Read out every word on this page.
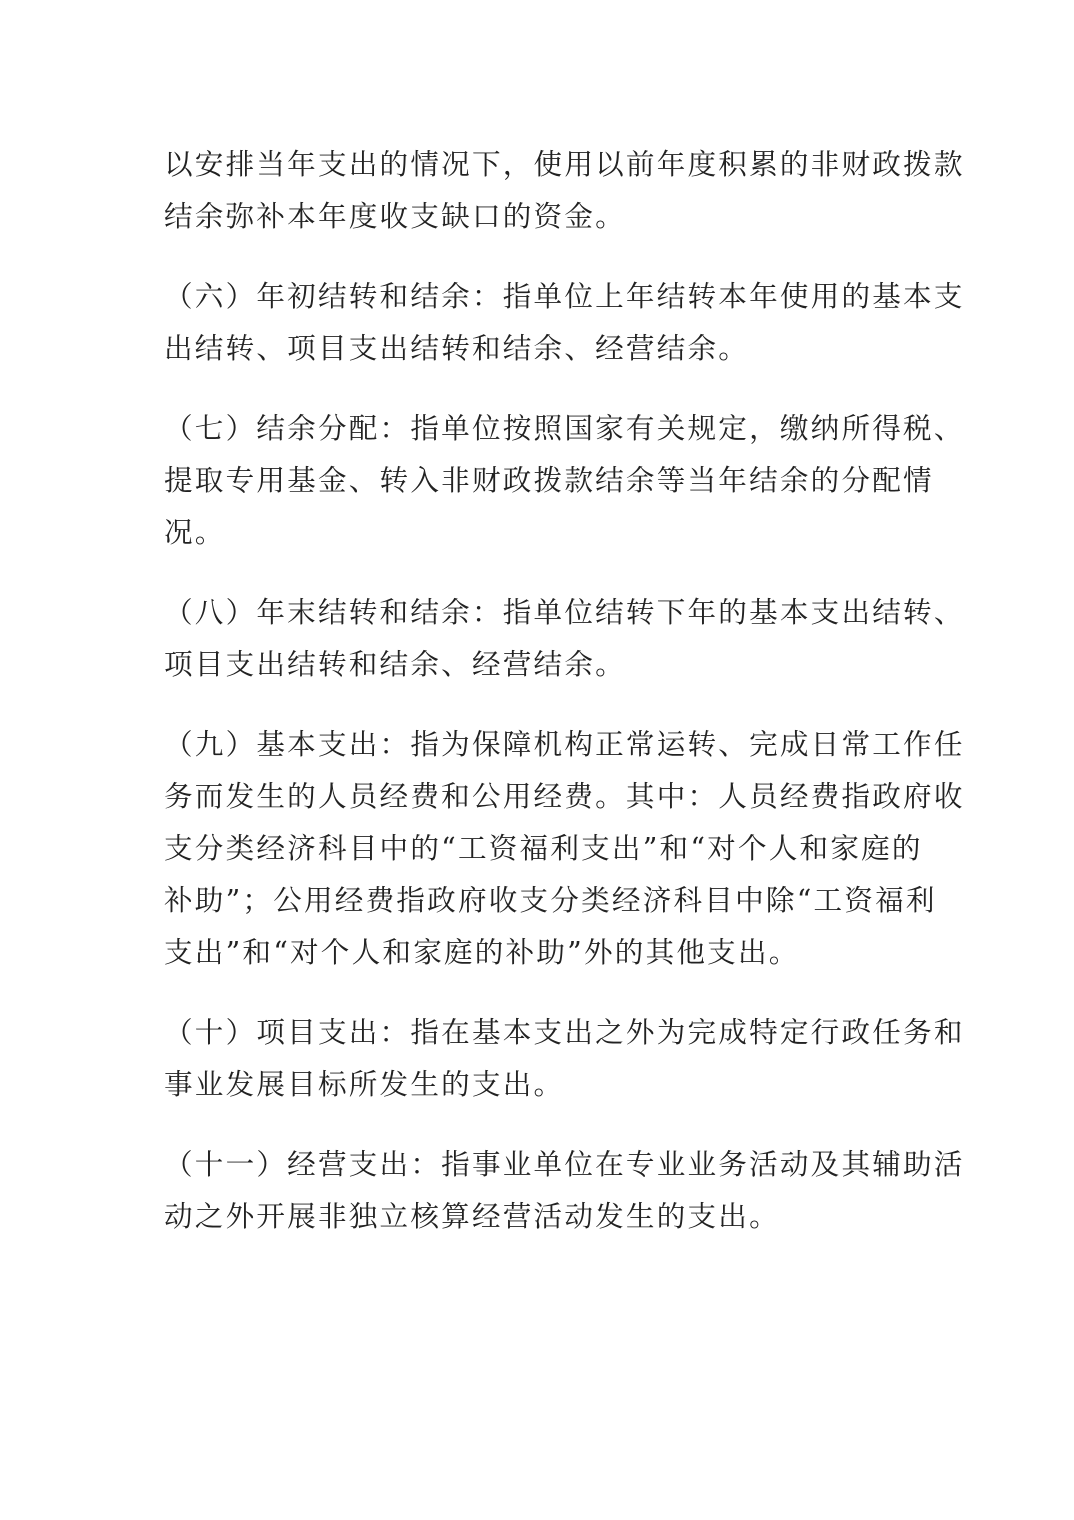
以安排当年支出的情况下，使用以前年度积累的非财政拨款
结余弥补本年度收支缺口的资金。

（六）年初结转和结余：指单位上年结转本年使用的基本支
出结转、项目支出结转和结余、经营结余。

（七）结余分配：指单位按照国家有关规定，缴纳所得税、
提取专用基金、转入非财政拨款结余等当年结余的分配情
况。

（八）年末结转和结余：指单位结转下年的基本支出结转、
项目支出结转和结余、经营结余。

（九）基本支出：指为保障机构正常运转、完成日常工作任
务而发生的人员经费和公用经费。其中：人员经费指政府收
支分类经济科目中的“工资福利支出”和“对个人和家庭的
补助”；公用经费指政府收支分类经济科目中除“工资福利
支出”和“对个人和家庭的补助”外的其他支出。

（十）项目支出：指在基本支出之外为完成特定行政任务和
事业发展目标所发生的支出。

（十一）经营支出：指事业单位在专业业务活动及其辅助活
动之外开展非独立核算经营活动发生的支出。
